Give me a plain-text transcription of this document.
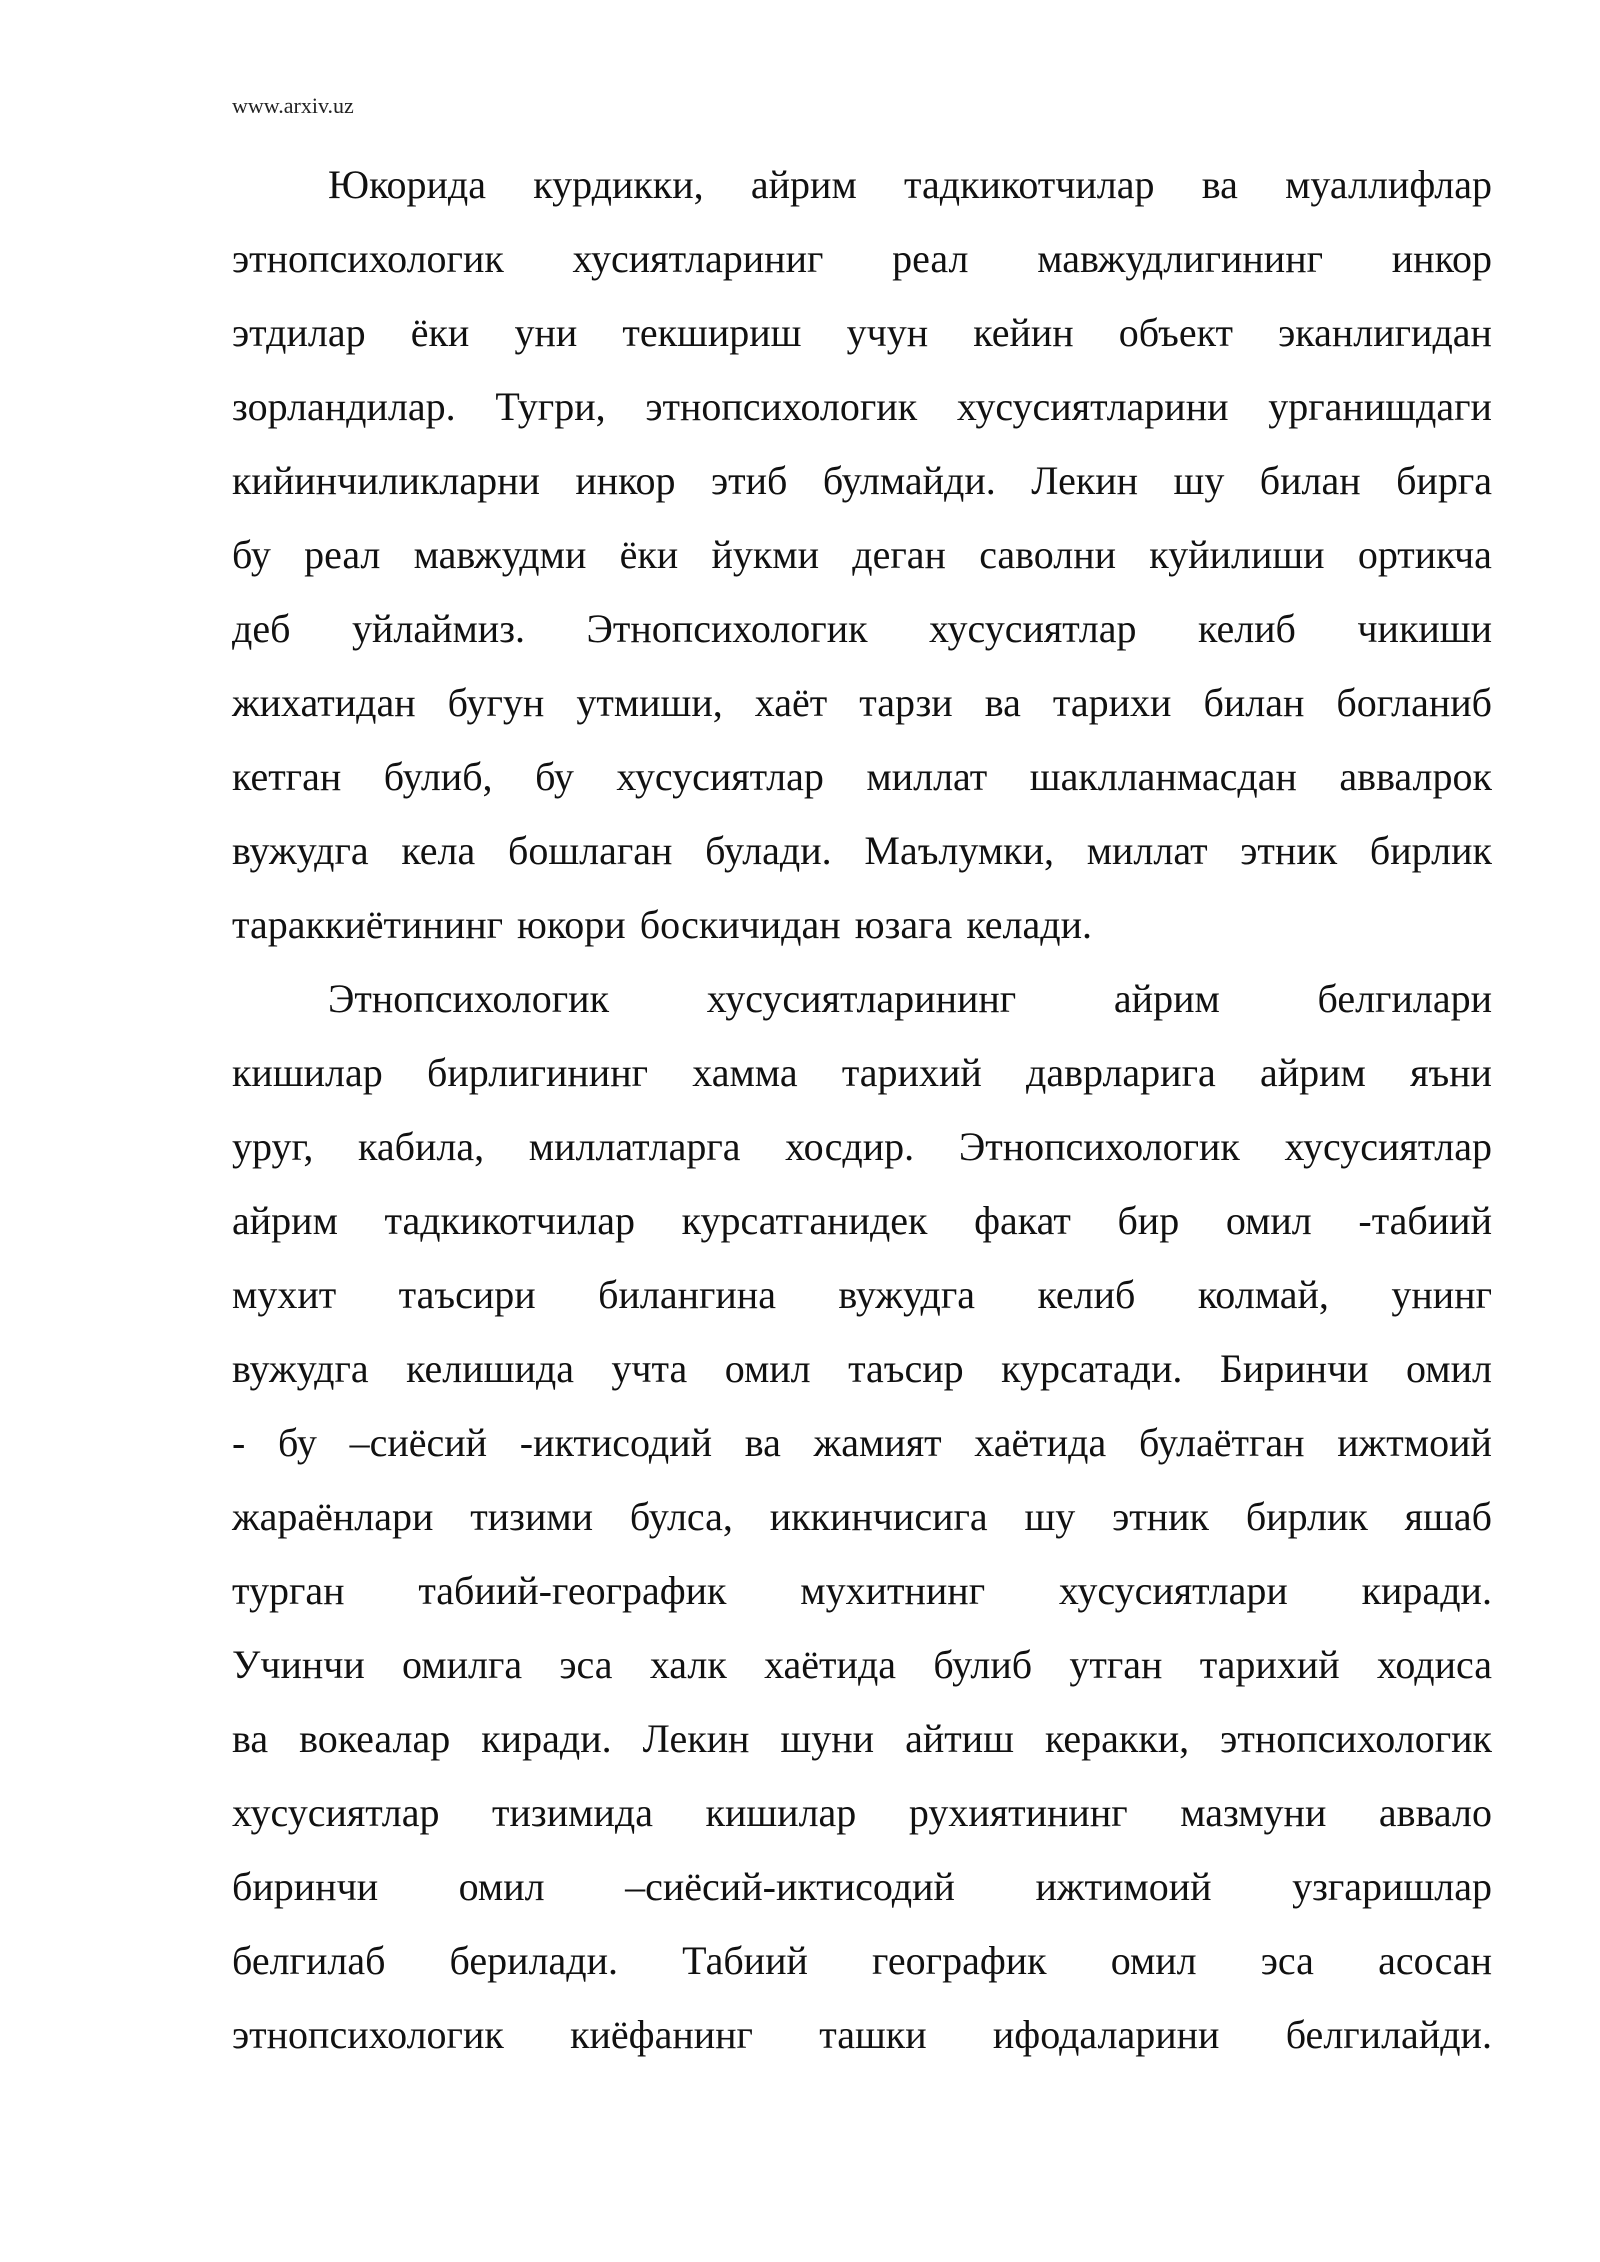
www.arxiv.uz
Юкорида курдикки, айрим тадкикотчилар ва муаллифлар
этнопсихологик хусиятлариниг реал мавжудлигининг инкор
этдилар ёки уни текшириш учун кейин объект эканлигидан
зорландилар. Тугри, этнопсихологик хусусиятларини урганишдаги
кийинчиликларни инкор этиб булмайди. Лекин шу билан бирга
бу реал мавжудми ёки йукми деган саволни куйилиши ортикча
деб уйлаймиз. Этнопсихологик хусусиятлар келиб чикиши
жихатидан бугун утмиши, хаёт тарзи ва тарихи билан богланиб
кетган булиб, бу хусусиятлар миллат шаклланмасдан аввалрок
вужудга кела бошлаган булади. Маълумки, миллат этник бирлик
тараккиётининг юкори боскичидан юзага келади.
Этнопсихологик хусусиятларининг айрим белгилари
кишилар бирлигининг хамма тарихий даврларига айрим яъни
уруг, кабила, миллатларга хосдир. Этнопсихологик хусусиятлар
айрим тадкикотчилар курсатганидек факат бир омил -табиий
мухит таъсири билангина вужудга келиб колмай, унинг
вужудга келишида учта омил таъсир курсатади. Биринчи омил
- бу –сиёсий -иктисодий ва жамият хаётида булаётган ижтмоий
жараёнлари тизими булса, иккинчисига шу этник бирлик яшаб
турган табиий-географик мухитнинг хусусиятлари киради.
Учинчи омилга эса халк хаётида булиб утган тарихий ходиса
ва вокеалар киради. Лекин шуни айтиш керакки, этнопсихологик
хусусиятлар тизимида кишилар рухиятининг мазмуни аввало
биринчи омил –сиёсий-иктисодий ижтимоий узгаришлар
белгилаб берилади. Табиий географик омил эса асосан
этнопсихологик киёфанинг ташки ифодаларини белгилайди.
